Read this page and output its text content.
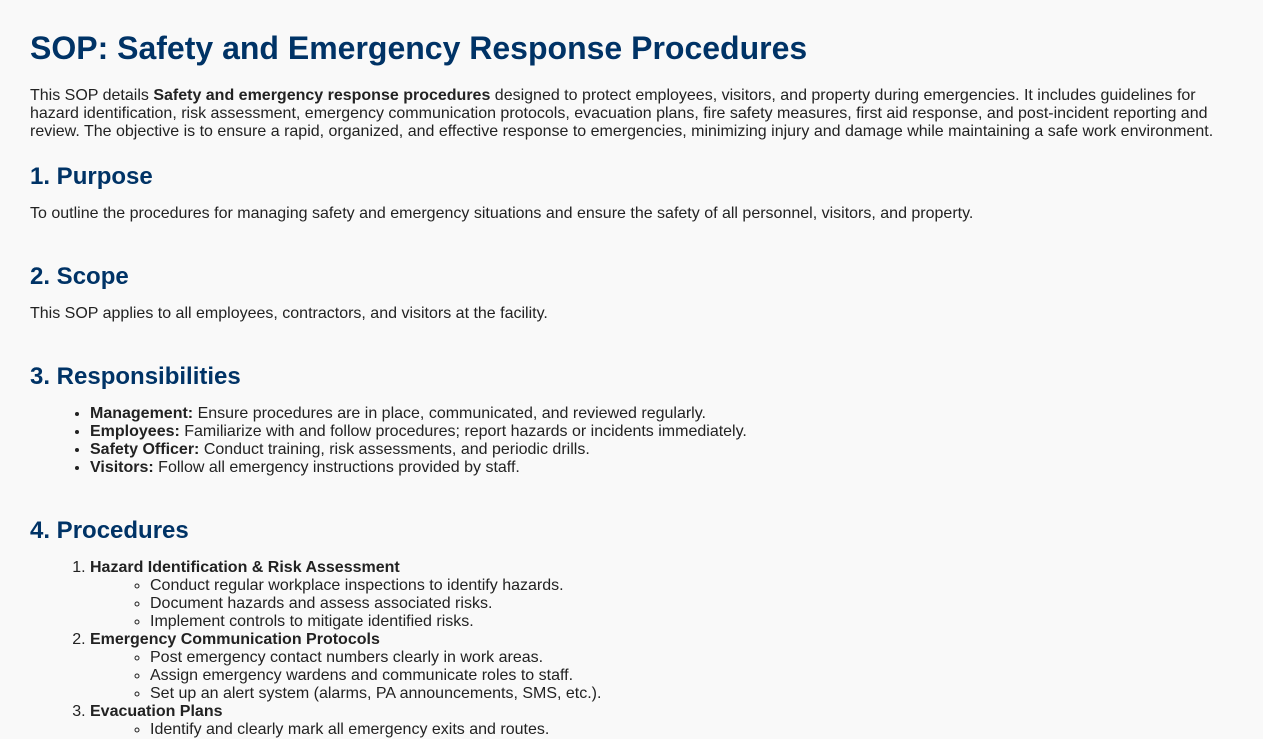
SOP: Safety and Emergency Response Procedures

This SOP details Safety and emergency response procedures designed to protect employees, visitors, and property during emergencies. It includes guidelines for hazard identification, risk assessment, emergency communication protocols, evacuation plans, fire safety measures, first aid response, and post-incident reporting and review. The objective is to ensure a rapid, organized, and effective response to emergencies, minimizing injury and damage while maintaining a safe work environment.

1. Purpose

To outline the procedures for managing safety and emergency situations and ensure the safety of all personnel, visitors, and property.

2. Scope

This SOP applies to all employees, contractors, and visitors at the facility.

3. Responsibilities
• Management: Ensure procedures are in place, communicated, and reviewed regularly.
• Employees: Familiarize with and follow procedures; report hazards or incidents immediately.
• Safety Officer: Conduct training, risk assessments, and periodic drills.
• Visitors: Follow all emergency instructions provided by staff.
4. Procedures
1. Hazard Identification & Risk Assessment
◦ Conduct regular workplace inspections to identify hazards.
◦ Document hazards and assess associated risks.
◦ Implement controls to mitigate identified risks.
2. Emergency Communication Protocols
◦ Post emergency contact numbers clearly in work areas.
◦ Assign emergency wardens and communicate roles to staff.
◦ Set up an alert system (alarms, PA announcements, SMS, etc.).
3. Evacuation Plans
◦ Identify and clearly mark all emergency exits and routes.
